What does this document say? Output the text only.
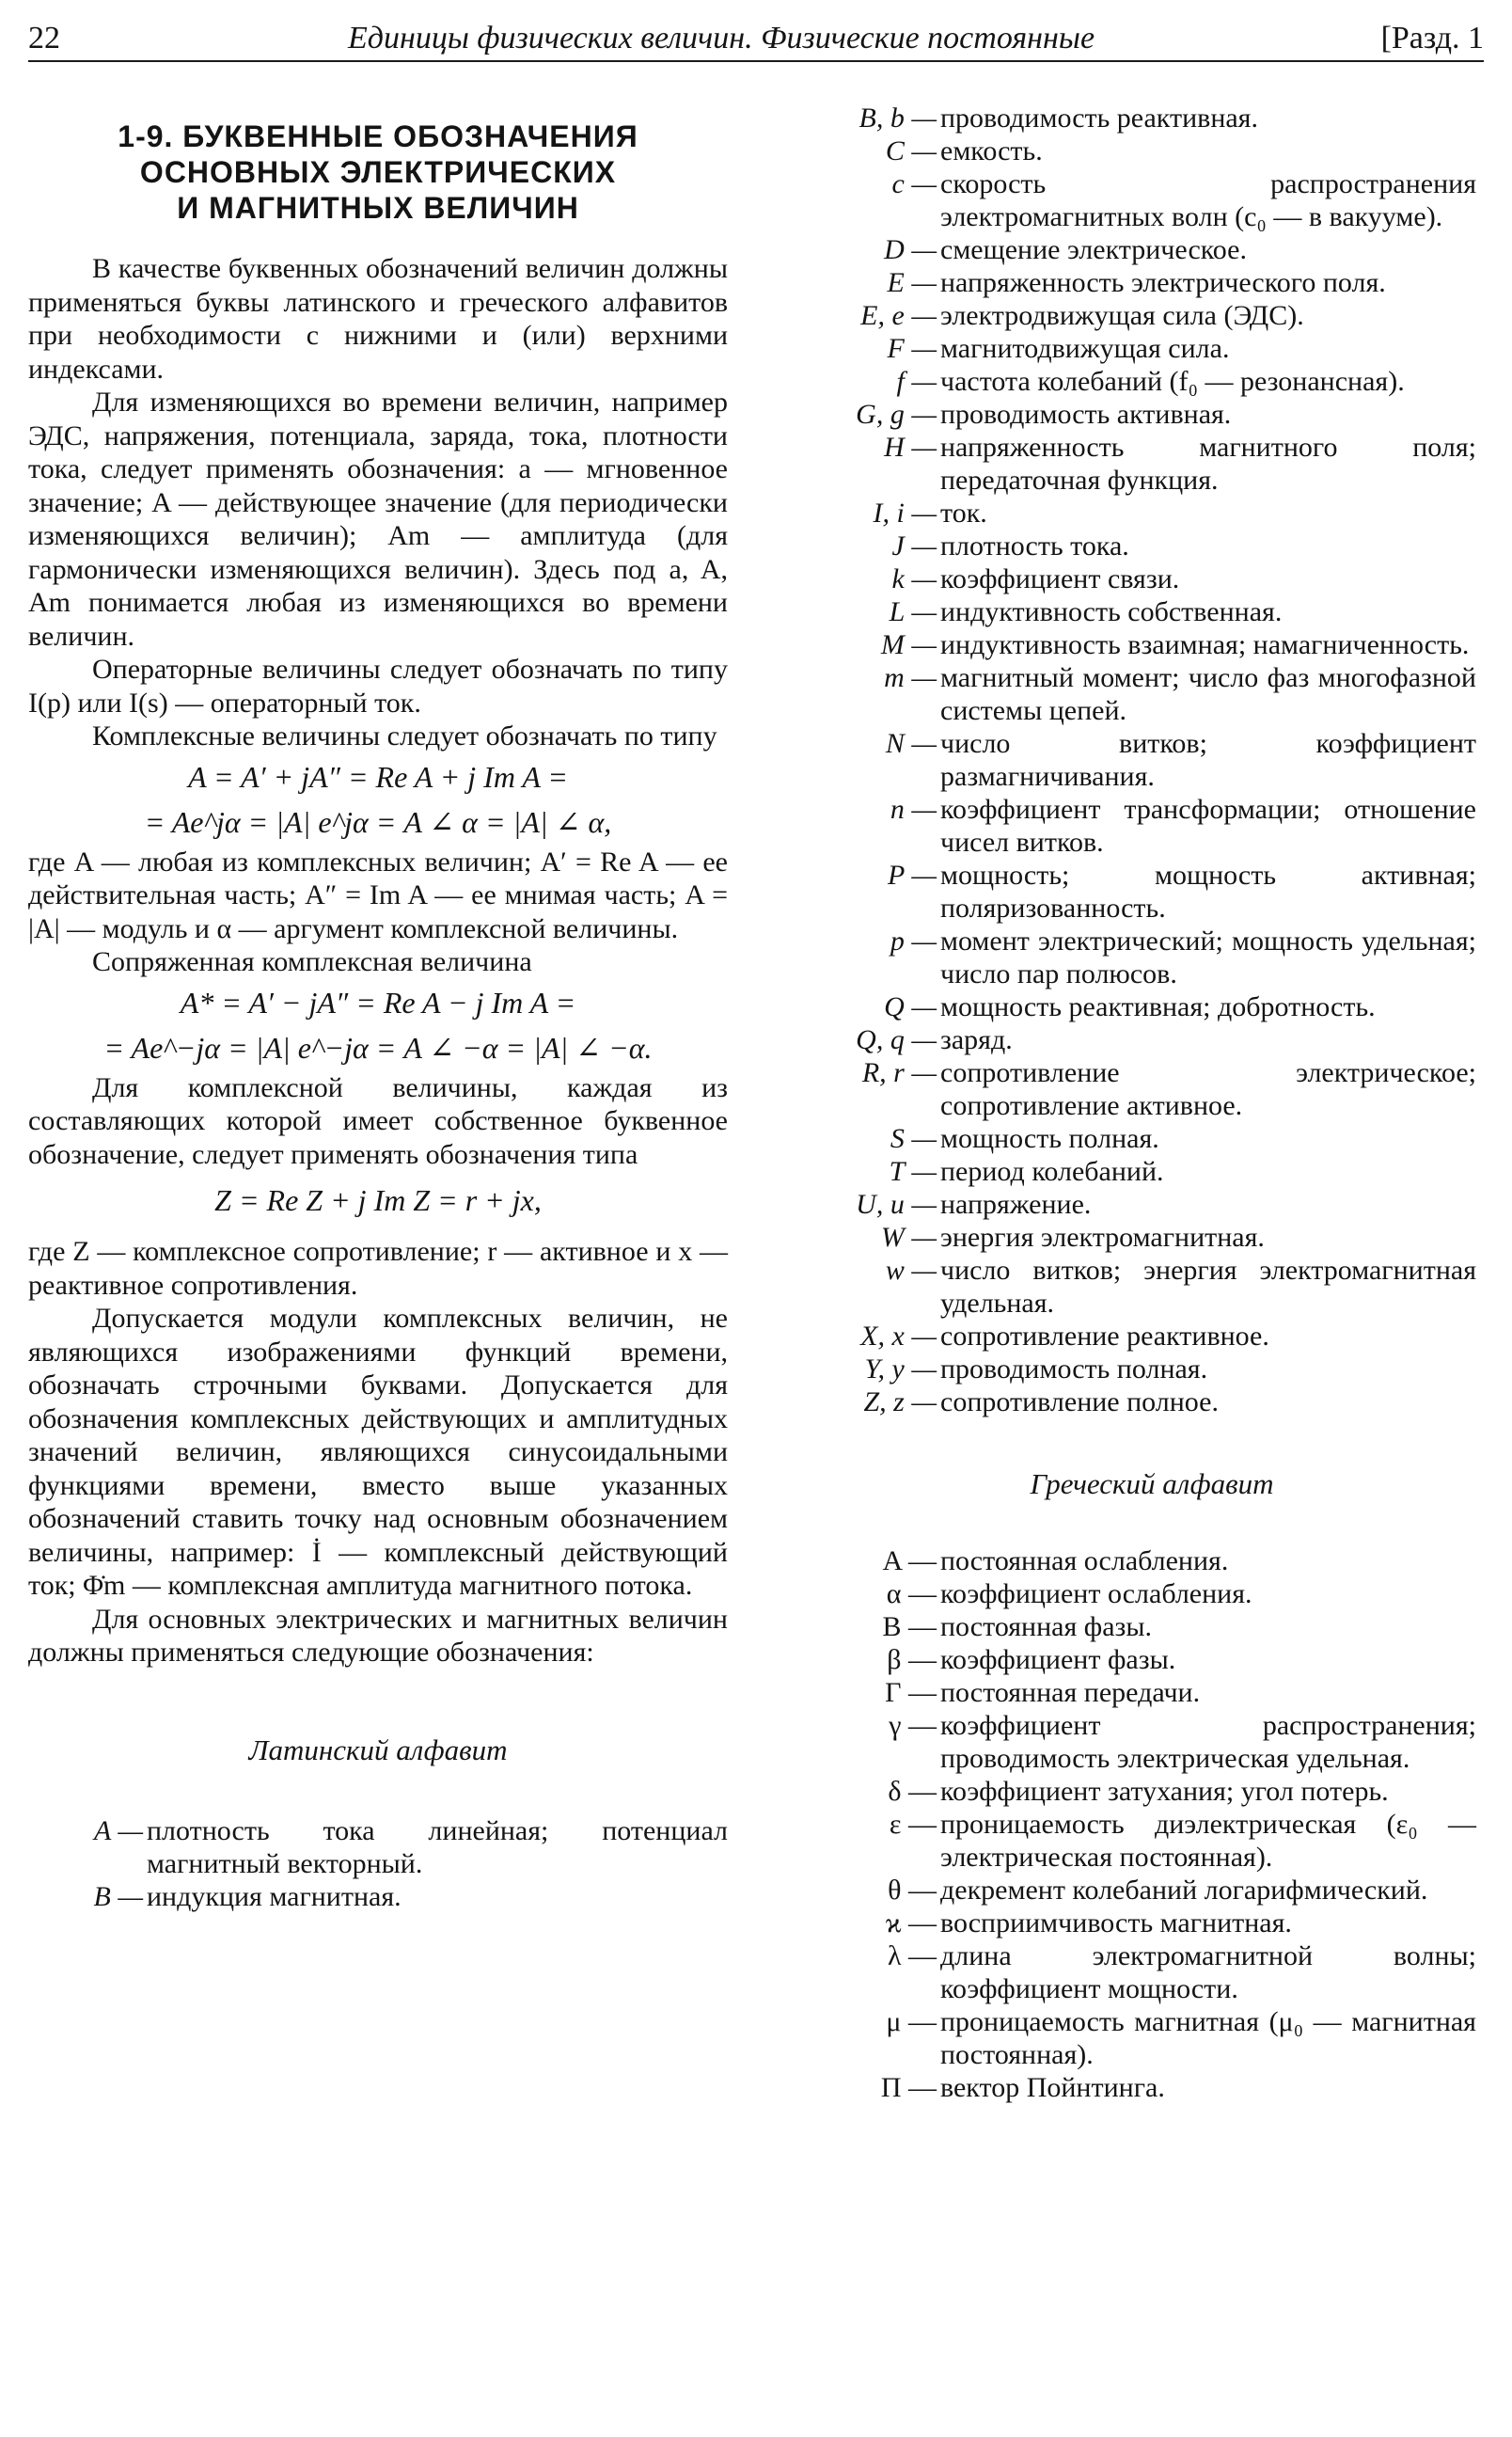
22	Единицы физических величин. Физические постоянные	[Разд. 1
1-9. БУКВЕННЫЕ ОБОЗНАЧЕНИЯ
ОСНОВНЫХ ЭЛЕКТРИЧЕСКИХ
И МАГНИТНЫХ ВЕЛИЧИН

В качестве буквенных обозначений величин должны применяться буквы латинского и греческого алфавитов при необходимости с нижними и (или) верхними индексами.

Для изменяющихся во времени величин, например ЭДС, напряжения, потенциала, заряда, тока, плотности тока, следует применять обозначения: a — мгновенное значение; A — действующее значение (для периодически изменяющихся величин); Am — амплитуда (для гармонически изменяющихся величин). Здесь под a, A, Am понимается любая из изменяющихся во времени величин.

Операторные величины следует обозначать по типу I(p) или I(s) — операторный ток.

Комплексные величины следует обозначать по типу

A = A′ + jA″ = Re A + j Im A =
= Ae^jα = |A| e^jα = A ∠ α = |A| ∠ α,

где A — любая из комплексных величин; A′ = Re A — ее действительная часть; A″ = Im A — ее мнимая часть; A = |A| — модуль и α — аргумент комплексной величины.

Сопряженная комплексная величина

A* = A′ − jA″ = Re A − j Im A =
= Ae^−jα = |A| e^−jα = A ∠ −α = |A| ∠ −α.

Для комплексной величины, каждая из составляющих которой имеет собственное буквенное обозначение, следует применять обозначения типа

Z = Re Z + j Im Z = r + jx,

где Z — комплексное сопротивление; r — активное и x — реактивное сопротивления.

Допускается модули комплексных величин, не являющихся изображениями функций времени, обозначать строчными буквами. Допускается для обозначения комплексных действующих и амплитудных значений величин, являющихся синусоидальными функциями времени, вместо выше указанных обозначений ставить точку над основным обозначением величины, например: İ — комплексный действующий ток; Φ̇m — комплексная амплитуда магнитного потока.

Для основных электрических и магнитных величин должны применяться следующие обозначения:

Латинский алфавит
A — плотность тока линейная; потенциал магнитный векторный.
B — индукция магнитная.
B, b — проводимость реактивная.
C — емкость.
c — скорость распространения электромагнитных волн (c₀ — в вакууме).
D — смещение электрическое.
E — напряженность электрического поля.
E, e — электродвижущая сила (ЭДС).
F — магнитодвижущая сила.
f — частота колебаний (f₀ — резонансная).
G, g — проводимость активная.
H — напряженность магнитного поля; передаточная функция.
I, i — ток.
J — плотность тока.
k — коэффициент связи.
L — индуктивность собственная.
M — индуктивность взаимная; намагниченность.
m — магнитный момент; число фаз многофазной системы цепей.
N — число витков; коэффициент размагничивания.
n — коэффициент трансформации; отношение чисел витков.
P — мощность; мощность активная; поляризованность.
p — момент электрический; мощность удельная; число пар полюсов.
Q — мощность реактивная; добротность.
Q, q — заряд.
R, r — сопротивление электрическое; сопротивление активное.
S — мощность полная.
T — период колебаний.
U, u — напряжение.
W — энергия электромагнитная.
w — число витков; энергия электромагнитная удельная.
X, x — сопротивление реактивное.
Y, y — проводимость полная.
Z, z — сопротивление полное.
Греческий алфавит
Α — постоянная ослабления.
α — коэффициент ослабления.
Β — постоянная фазы.
β — коэффициент фазы.
Γ — постоянная передачи.
γ — коэффициент распространения; проводимость электрическая удельная.
δ — коэффициент затухания; угол потерь.
ε — проницаемость диэлектрическая (ε₀ — электрическая постоянная).
θ — декремент колебаний логарифмический.
ϰ — восприимчивость магнитная.
λ — длина электромагнитной волны; коэффициент мощности.
μ — проницаемость магнитная (μ₀ — магнитная постоянная).
Π — вектор Пойнтинга.
